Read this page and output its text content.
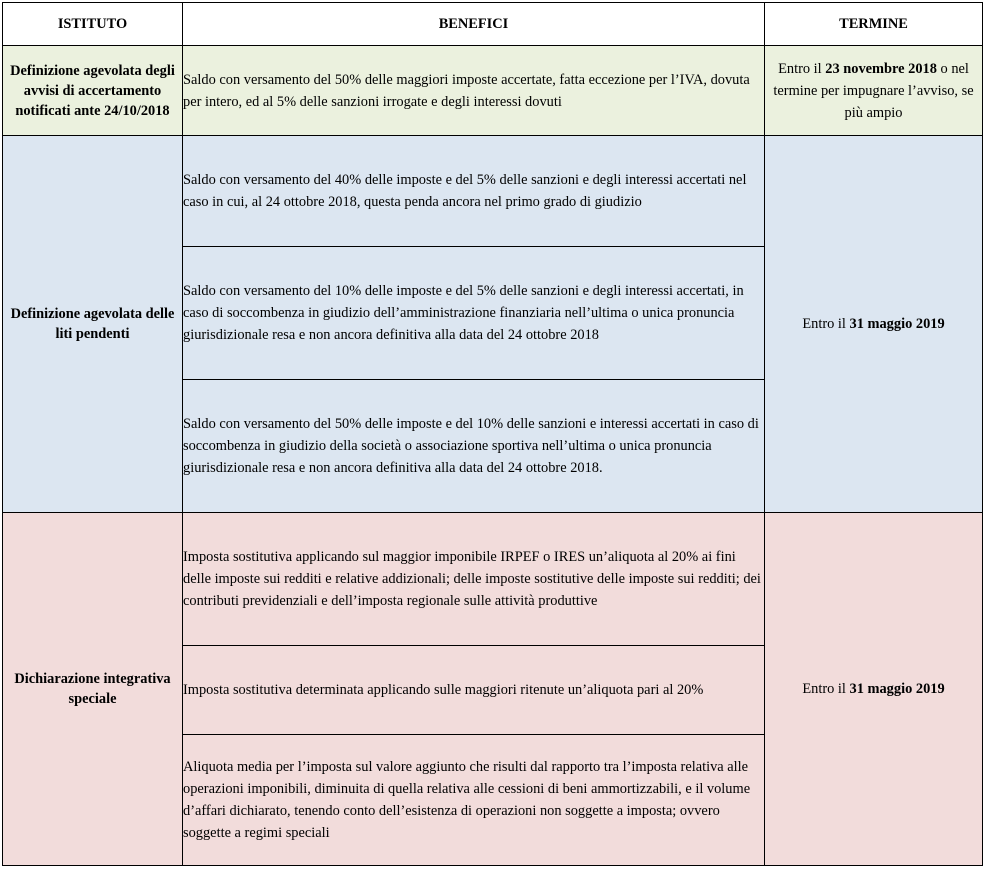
ISTITUTO	BENEFICI	TERMINE
Definizione agevolata degli avvisi di accertamento notificati ante 24/10/2018	Saldo con versamento del 50% delle maggiori imposte accertate, fatta eccezione per l’IVA, dovuta per intero, ed al 5% delle sanzioni irrogate e degli interessi dovuti	Entro il 23 novembre 2018 o nel termine per impugnare l’avviso, se più ampio
Definizione agevolata delle liti pendenti	Saldo con versamento del 40% delle imposte e del 5% delle sanzioni e degli interessi accertati nel caso in cui, al 24 ottobre 2018, questa penda ancora nel primo grado di giudizio	Entro il 31 maggio 2019
	Saldo con versamento del 10% delle imposte e del 5% delle sanzioni e degli interessi accertati, in caso di soccombenza in giudizio dell’amministrazione finanziaria nell’ultima o unica pronuncia giurisdizionale resa e non ancora definitiva alla data del 24 ottobre 2018	
	Saldo con versamento del 50% delle imposte e del 10% delle sanzioni e interessi accertati in caso di soccombenza in giudizio della società o associazione sportiva nell’ultima o unica pronuncia giurisdizionale resa e non ancora definitiva alla data del 24 ottobre 2018.	
Dichiarazione integrativa speciale	Imposta sostitutiva applicando sul maggior imponibile IRPEF o IRES un’aliquota al 20% ai fini delle imposte sui redditi e relative addizionali; delle imposte sostitutive delle imposte sui redditi; dei contributi previdenziali e dell’imposta regionale sulle attività produttive	Entro il 31 maggio 2019
	Imposta sostitutiva determinata applicando sulle maggiori ritenute un’aliquota pari al 20%	
	Aliquota media per l’imposta sul valore aggiunto che risulti dal rapporto tra l’imposta relativa alle operazioni imponibili, diminuita di quella relativa alle cessioni di beni ammortizzabili, e il volume d’affari dichiarato, tenendo conto dell’esistenza di operazioni non soggette a imposta; ovvero soggette a regimi speciali	
